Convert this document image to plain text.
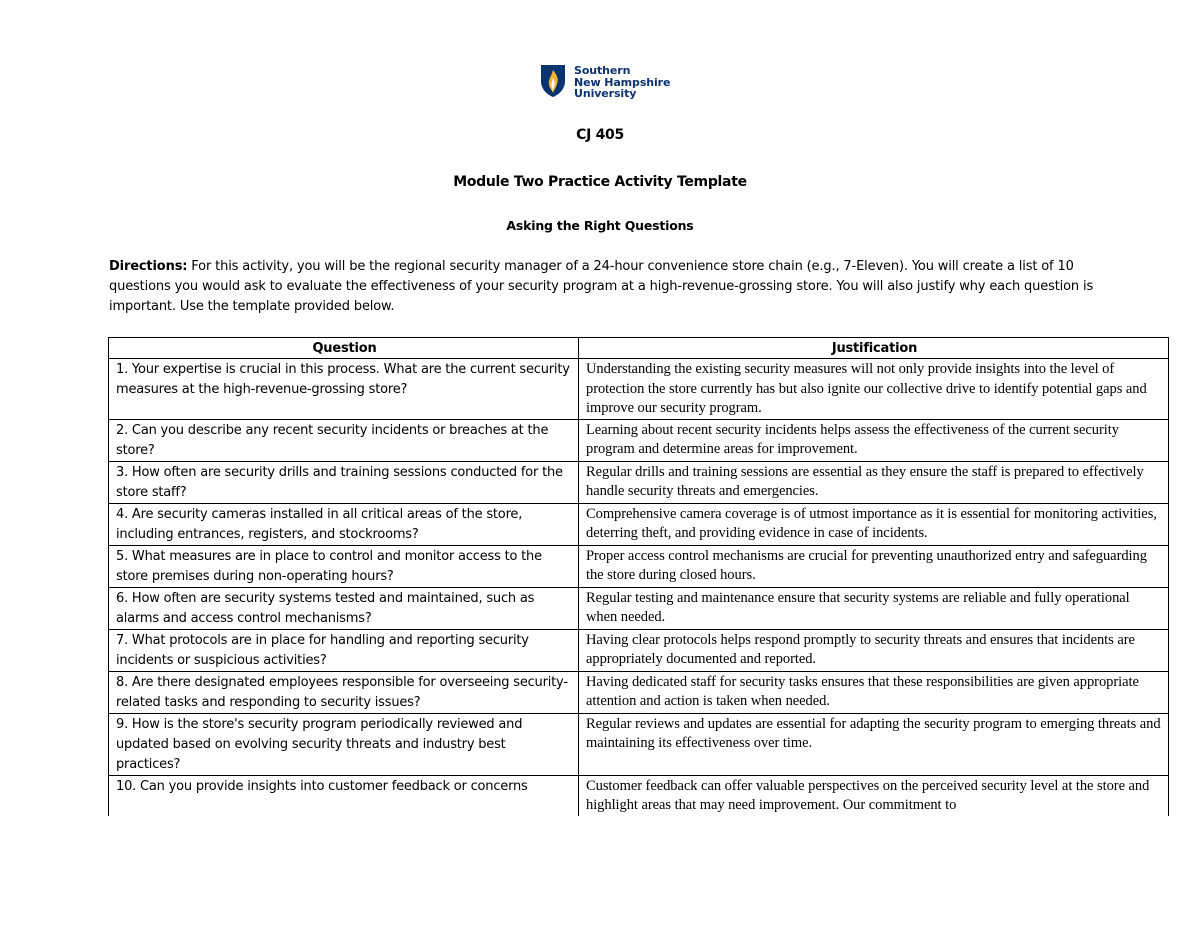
Southern
New Hampshire
University
CJ 405
Module Two Practice Activity Template
Asking the Right Questions
Directions: For this activity, you will be the regional security manager of a 24-hour convenience store chain (e.g., 7-Eleven). You will create a list of 10 questions you would ask to evaluate the effectiveness of your security program at a high-revenue-grossing store. You will also justify why each question is important. Use the template provided below.
Question	Justification
1. Your expertise is crucial in this process. What are the current security measures at the high-revenue-grossing store?	Understanding the existing security measures will not only provide insights into the level of protection the store currently has but also ignite our collective drive to identify potential gaps and improve our security program.
2. Can you describe any recent security incidents or breaches at the store?	Learning about recent security incidents helps assess the effectiveness of the current security program and determine areas for improvement.
3. How often are security drills and training sessions conducted for the store staff?	Regular drills and training sessions are essential as they ensure the staff is prepared to effectively handle security threats and emergencies.
4. Are security cameras installed in all critical areas of the store, including entrances, registers, and stockrooms?	Comprehensive camera coverage is of utmost importance as it is essential for monitoring activities, deterring theft, and providing evidence in case of incidents.
5. What measures are in place to control and monitor access to the store premises during non-operating hours?	Proper access control mechanisms are crucial for preventing unauthorized entry and safeguarding the store during closed hours.
6. How often are security systems tested and maintained, such as alarms and access control mechanisms?	Regular testing and maintenance ensure that security systems are reliable and fully operational when needed.
7. What protocols are in place for handling and reporting security incidents or suspicious activities?	Having clear protocols helps respond promptly to security threats and ensures that incidents are appropriately documented and reported.
8. Are there designated employees responsible for overseeing security-related tasks and responding to security issues?	Having dedicated staff for security tasks ensures that these responsibilities are given appropriate attention and action is taken when needed.
9. How is the store's security program periodically reviewed and updated based on evolving security threats and industry best practices?	Regular reviews and updates are essential for adapting the security program to emerging threats and maintaining its effectiveness over time.
10. Can you provide insights into customer feedback or concerns	Customer feedback can offer valuable perspectives on the perceived security level at the store and highlight areas that may need improvement. Our commitment to
